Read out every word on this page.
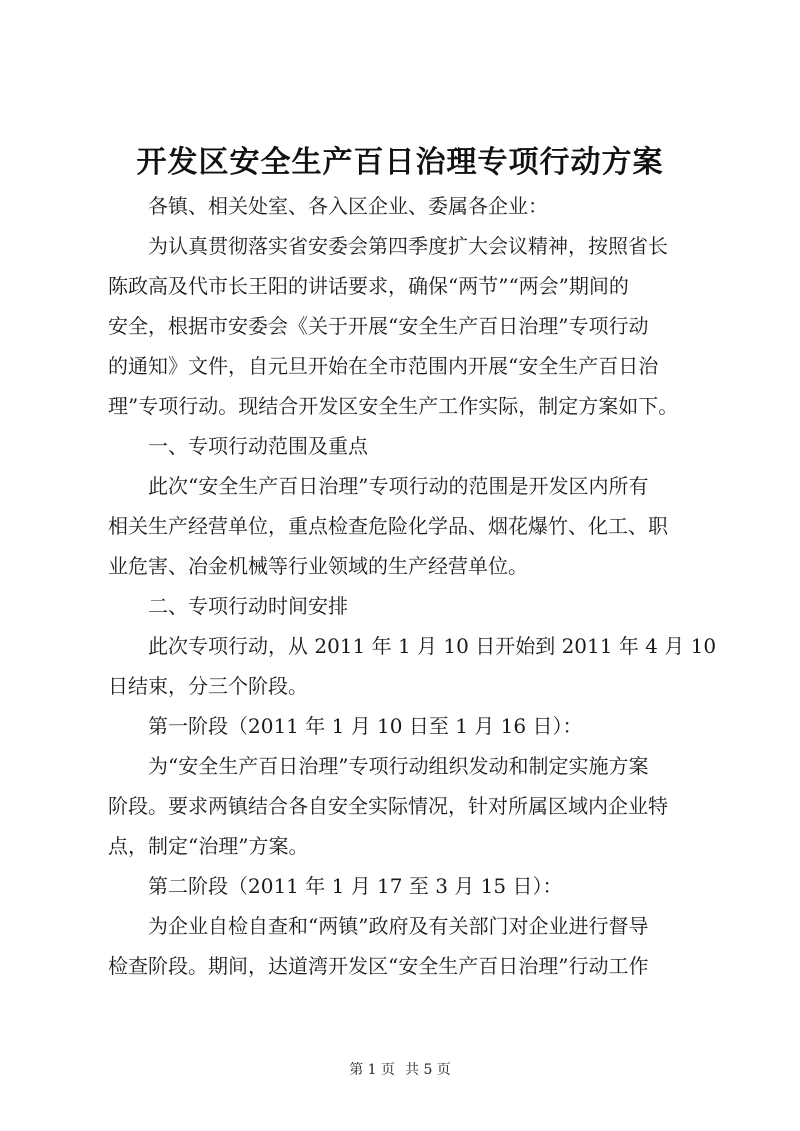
开发区安全生产百日治理专项行动方案

各镇、相关处室、各入区企业、委属各企业：

为认真贯彻落实省安委会第四季度扩大会议精神，按照省长

陈政高及代市长王阳的讲话要求，确保“两节”“两会”期间的

安全，根据市安委会《关于开展“安全生产百日治理”专项行动

的通知》文件，自元旦开始在全市范围内开展“安全生产百日治

理”专项行动。现结合开发区安全生产工作实际，制定方案如下。

一、专项行动范围及重点

此次“安全生产百日治理”专项行动的范围是开发区内所有

相关生产经营单位，重点检查危险化学品、烟花爆竹、化工、职

业危害、冶金机械等行业领域的生产经营单位。

二、专项行动时间安排

此次专项行动，从 2011 年 1 月 10 日开始到 2011 年 4 月 10

日结束，分三个阶段。

第一阶段（2011 年 1 月 10 日至 1 月 16 日）：

为“安全生产百日治理”专项行动组织发动和制定实施方案

阶段。要求两镇结合各自安全实际情况，针对所属区域内企业特

点，制定“治理”方案。

第二阶段（2011 年 1 月 17 至 3 月 15 日）：

为企业自检自查和“两镇”政府及有关部门对企业进行督导

检查阶段。期间，达道湾开发区“安全生产百日治理”行动工作

第 1 页 共 5 页
